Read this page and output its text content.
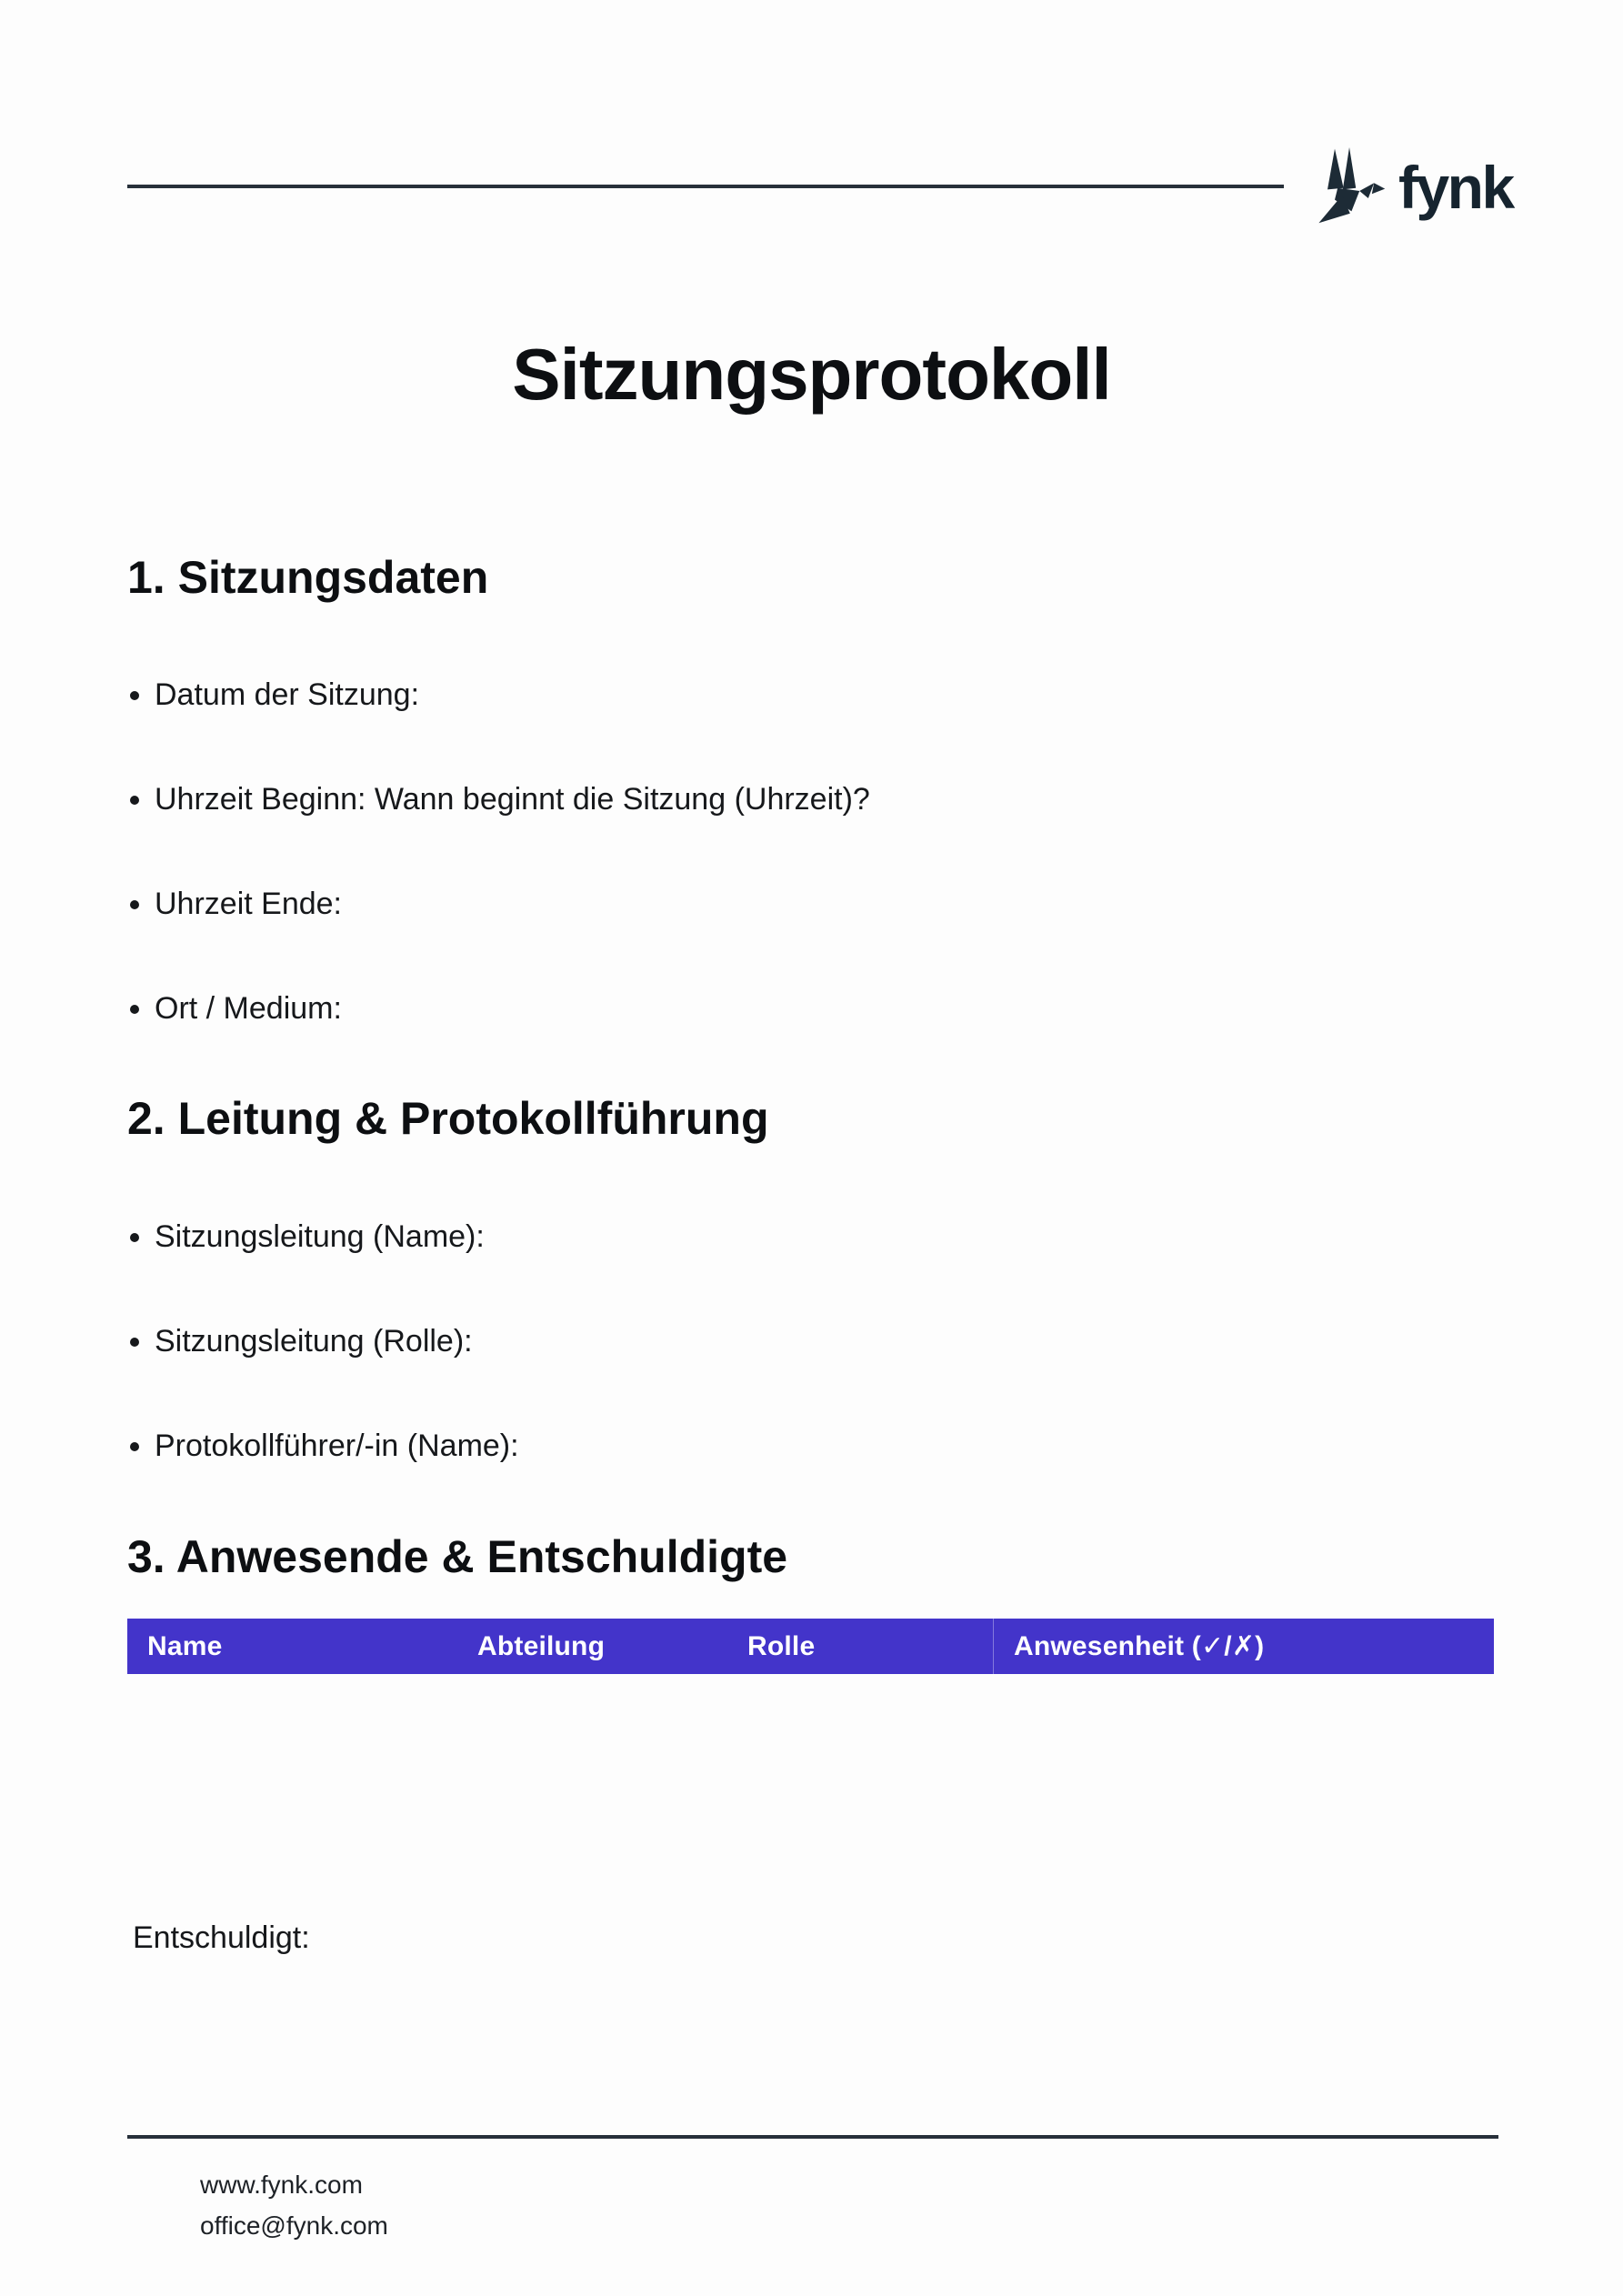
fynk
Sitzungsprotokoll
1. Sitzungsdaten
• Datum der Sitzung:
• Uhrzeit Beginn: Wann beginnt die Sitzung (Uhrzeit)?
• Uhrzeit Ende:
• Ort / Medium:
2. Leitung & Protokollführung
• Sitzungsleitung (Name):
• Sitzungsleitung (Rolle):
• Protokollführer/-in (Name):
3. Anwesende & Entschuldigte
Name	Abteilung	Rolle	Anwesenheit (✓/✗)
Entschuldigt:
www.fynk.com
office@fynk.com
